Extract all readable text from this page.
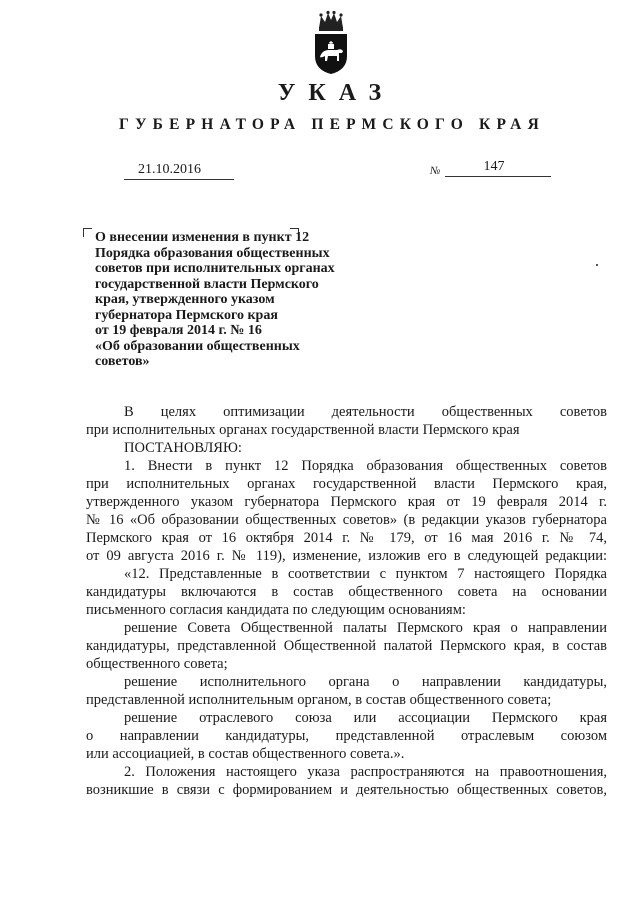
УКАЗ
ГУБЕРНАТОРА ПЕРМСКОГО КРАЯ
21.10.2016	№	147
О внесении изменения в пункт 12
Порядка образования общественных
советов при исполнительных органах
государственной власти Пермского
края, утвержденного указом
губернатора Пермского края
от 19 февраля 2014 г. № 16
«Об образовании общественных
советов»
В целях оптимизации деятельности общественных советов
при исполнительных органах государственной власти Пермского края
ПОСТАНОВЛЯЮ:
1. Внести в пункт 12 Порядка образования общественных советов
при исполнительных органах государственной власти Пермского края,
утвержденного указом губернатора Пермского края от 19 февраля 2014 г.
№ 16 «Об образовании общественных советов» (в редакции указов губернатора
Пермского края от 16 октября 2014 г. № 179, от 16 мая 2016 г. № 74,
от 09 августа 2016 г. № 119), изменение, изложив его в следующей редакции:
«12. Представленные в соответствии с пунктом 7 настоящего Порядка
кандидатуры включаются в состав общественного совета на основании
письменного согласия кандидата по следующим основаниям:
решение Совета Общественной палаты Пермского края о направлении
кандидатуры, представленной Общественной палатой Пермского края, в состав
общественного совета;
решение исполнительного органа о направлении кандидатуры,
представленной исполнительным органом, в состав общественного совета;
решение отраслевого союза или ассоциации Пермского края
о направлении кандидатуры, представленной отраслевым союзом
или ассоциацией, в состав общественного совета.».
2. Положения настоящего указа распространяются на правоотношения,
возникшие в связи с формированием и деятельностью общественных советов,
